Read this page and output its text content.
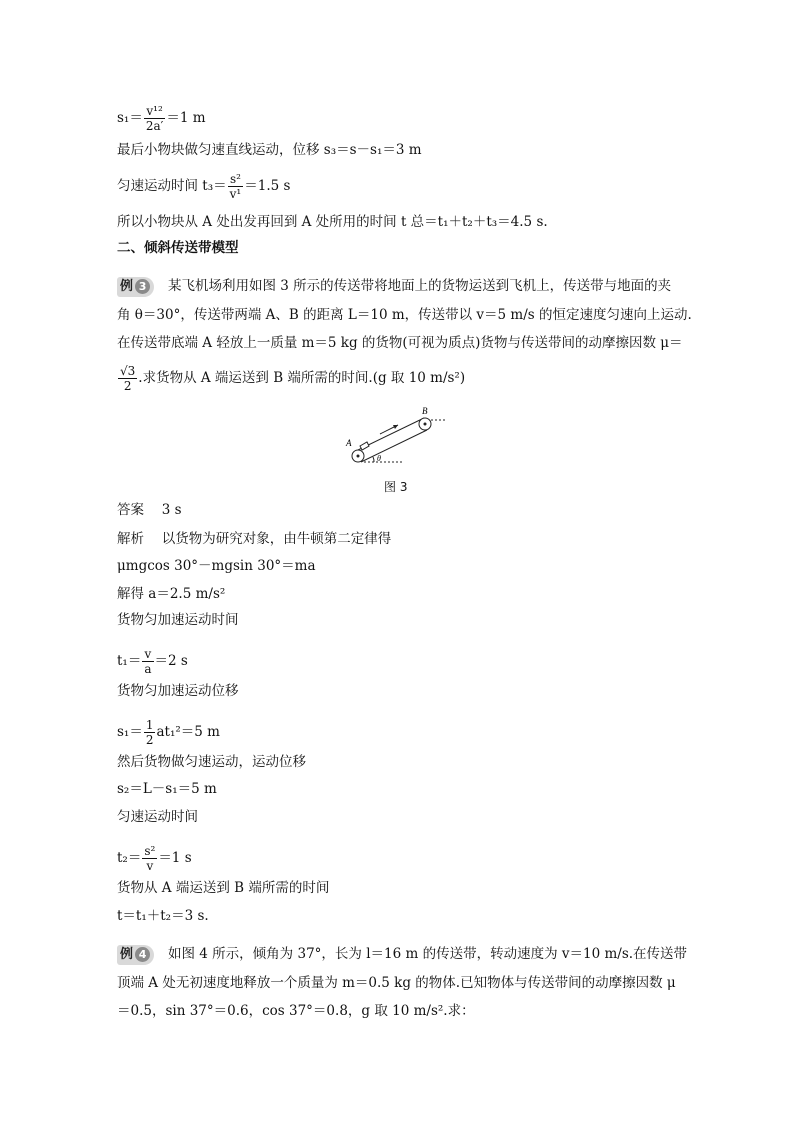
$s_1= \frac{\text{v¹²}}{2a'} =1$ m
最后小物块做匀速直线运动，位移 s₃＝s－s₁＝3 m
匀速运动时间 $t_3= \frac{\text{s²}}{\text{v¹}} =1.5$ s
所以小物块从 A 处出发再回到 A 处所用的时间 t 总＝t₁＋t₂＋t₃＝4.5 s.
二、倾斜传送带模型
例 3 某飞机场利用如图 3 所示的传送带将地面上的货物运送到飞机上，传送带与地面的夹
角 θ＝30°，传送带两端 A、B 的距离 L＝10 m，传送带以 v＝5 m/s 的恒定速度匀速向上运动.
在传送带底端 A 轻放上一质量 m＝5 kg 的货物(可视为质点)货物与传送带间的动摩擦因数 μ＝
$\frac{√3}{2}$ .求货物从 A 端运送到 B 端所需的时间.(g 取 10 m/s²)
A
B
θ
图 3
答案　 3 s
解析　 以货物为研究对象，由牛顿第二定律得
μmgcos 30°－mgsin 30°＝ma
解得 a＝2.5 m/s²
货物匀加速运动时间
$t_1= \frac{v}{a} =2$ s
货物匀加速运动位移
$s_1= \frac{1}{2} at_1^2=5$ m
然后货物做匀速运动，运动位移
s₂＝L－s₁＝5 m
匀速运动时间
$t_2= \frac{\text{s²}}{v} =1$ s
货物从 A 端运送到 B 端所需的时间
t＝t₁＋t₂＝3 s.
例 4 如图 4 所示，倾角为 37°，长为 l＝16 m 的传送带，转动速度为 v＝10 m/s.在传送带
顶端 A 处无初速度地释放一个质量为 m＝0.5 kg 的物体.已知物体与传送带间的动摩擦因数 μ
＝0.5，sin 37°＝0.6，cos 37°＝0.8，g 取 10 m/s².求：
